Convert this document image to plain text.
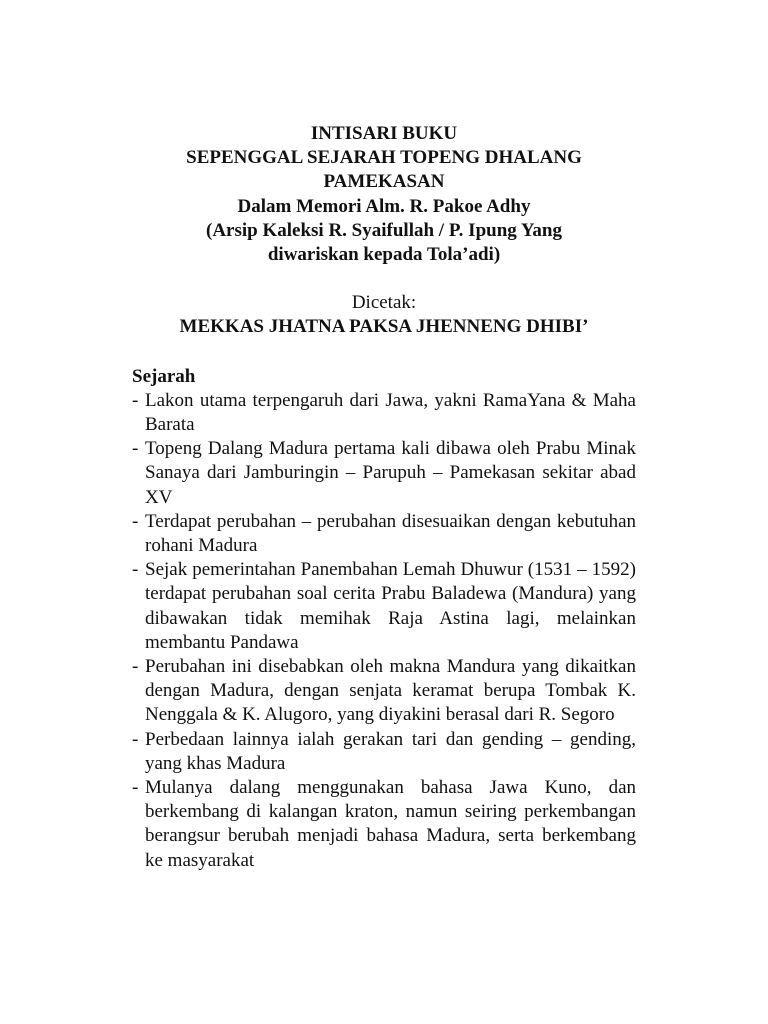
INTISARI BUKU
SEPENGGAL SEJARAH TOPENG DHALANG
PAMEKASAN
Dalam Memori Alm. R. Pakoe Adhy
(Arsip Kaleksi R. Syaifullah / P. Ipung Yang
diwariskan kepada Tola’adi)
Dicetak:
MEKKAS JHATNA PAKSA JHENNENG DHIBI’
Sejarah
- Lakon utama terpengaruh dari Jawa, yakni RamaYana & Maha Barata
- Topeng Dalang Madura pertama kali dibawa oleh Prabu Minak Sanaya dari Jamburingin – Parupuh – Pamekasan sekitar abad XV
- Terdapat perubahan – perubahan disesuaikan dengan kebutuhan rohani Madura
- Sejak pemerintahan Panembahan Lemah Dhuwur (1531 – 1592) terdapat perubahan soal cerita Prabu Baladewa (Mandura) yang dibawakan tidak memihak Raja Astina lagi, melainkan membantu Pandawa
- Perubahan ini disebabkan oleh makna Mandura yang dikaitkan dengan Madura, dengan senjata keramat berupa Tombak K. Nenggala & K. Alugoro, yang diyakini berasal dari R. Segoro
- Perbedaan lainnya ialah gerakan tari dan gending – gending, yang khas Madura
- Mulanya dalang menggunakan bahasa Jawa Kuno, dan berkembang di kalangan kraton, namun seiring perkembangan berangsur berubah menjadi bahasa Madura, serta berkembang ke masyarakat
